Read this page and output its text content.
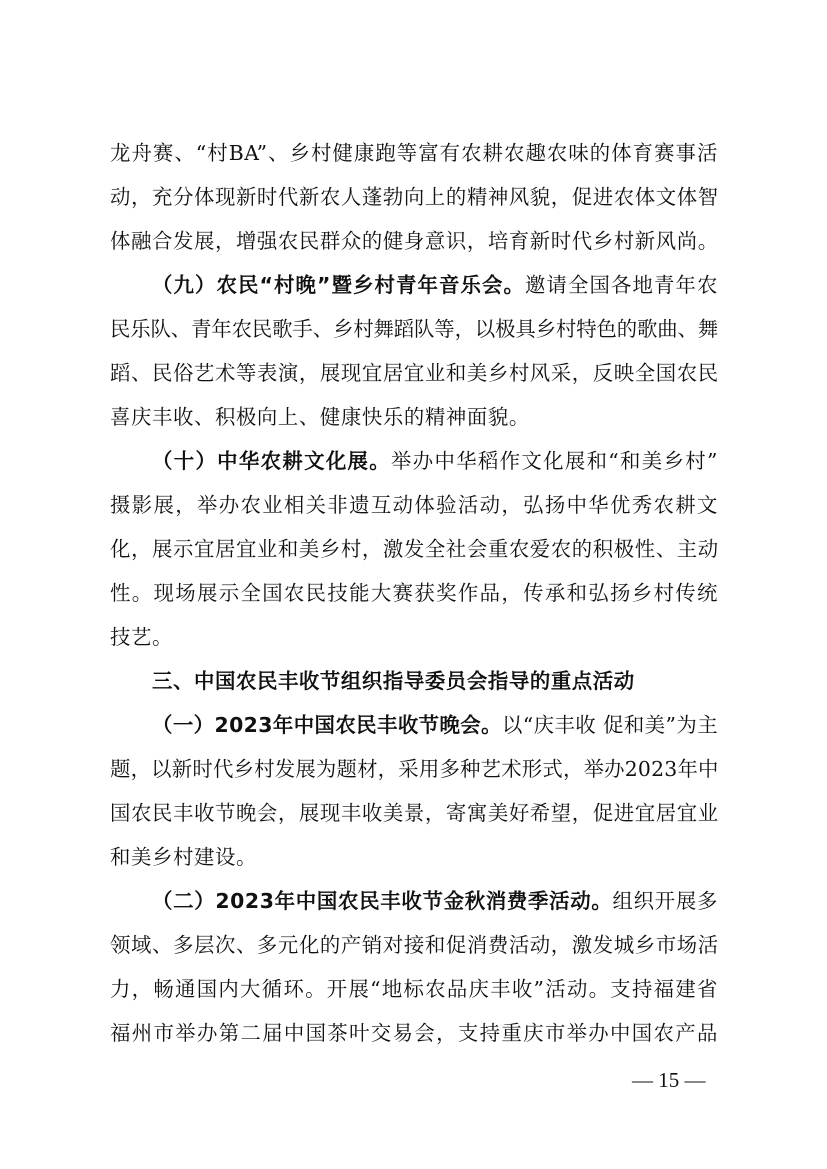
龙舟赛、“村BA”、乡村健康跑等富有农耕农趣农味的体育赛事活
动，充分体现新时代新农人蓬勃向上的精神风貌，促进农体文体智
体融合发展，增强农民群众的健身意识，培育新时代乡村新风尚。
（九）农民“村晚”暨乡村青年音乐会。邀请全国各地青年农
民乐队、青年农民歌手、乡村舞蹈队等，以极具乡村特色的歌曲、舞
蹈、民俗艺术等表演，展现宜居宜业和美乡村风采，反映全国农民
喜庆丰收、积极向上、健康快乐的精神面貌。
（十）中华农耕文化展。举办中华稻作文化展和“和美乡村”
摄影展，举办农业相关非遗互动体验活动，弘扬中华优秀农耕文
化，展示宜居宜业和美乡村，激发全社会重农爱农的积极性、主动
性。现场展示全国农民技能大赛获奖作品，传承和弘扬乡村传统
技艺。
三、中国农民丰收节组织指导委员会指导的重点活动
（一）2023年中国农民丰收节晚会。以“庆丰收 促和美”为主
题，以新时代乡村发展为题材，采用多种艺术形式，举办2023年中
国农民丰收节晚会，展现丰收美景，寄寓美好希望，促进宜居宜业
和美乡村建设。
（二）2023年中国农民丰收节金秋消费季活动。组织开展多
领域、多层次、多元化的产销对接和促消费活动，激发城乡市场活
力，畅通国内大循环。开展“地标农品庆丰收”活动。支持福建省
福州市举办第二届中国茶叶交易会，支持重庆市举办中国农产品
— 15 —
